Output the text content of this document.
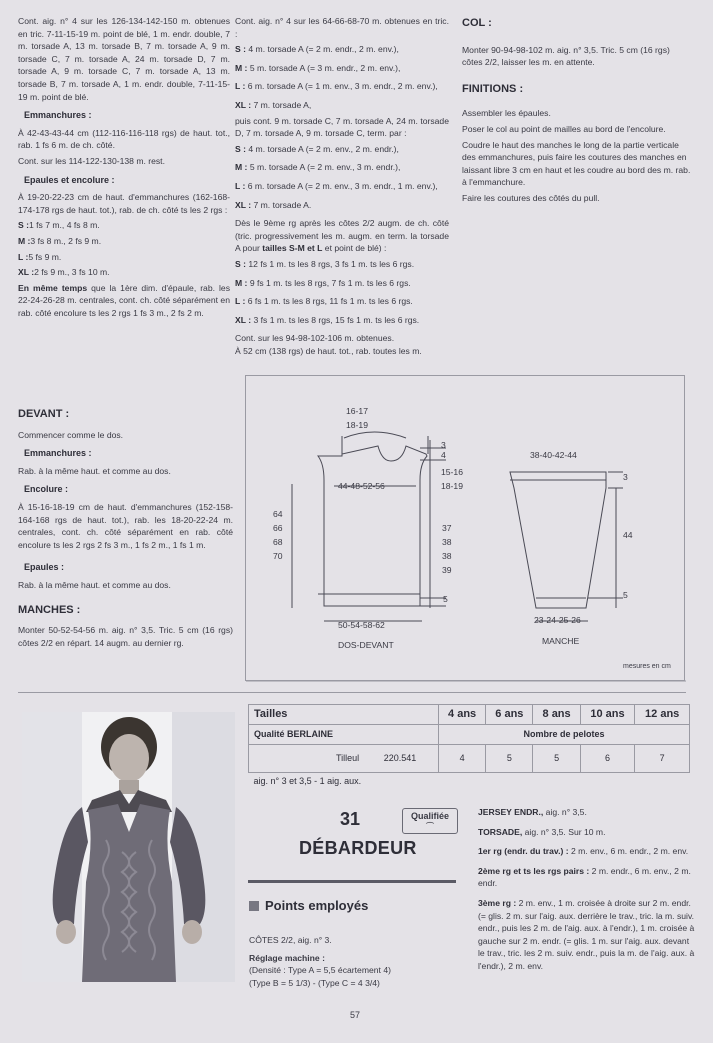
Cont. aig. n° 4 sur les 126-134-142-150 m. obtenues en tric. 7-11-15-19 m. point de blé, 1 m. endr. double, 7 m. torsade A, 13 m. torsade B, 7 m. torsade A, 9 m. torsade C, 7 m. torsade A, 24 m. torsade D, 7 m. torsade A, 9 m. torsade C, 7 m. torsade A, 13 m. torsade B, 7 m. torsade A, 1 m. endr. double, 7-11-15-19 m. point de blé.

Emmanchures :

À 42-43-43-44 cm (112-116-116-118 rgs) de haut. tot., rab. 1 fs 6 m. de ch. côté.

Cont. sur les 114-122-130-138 m. rest.

Epaules et encolure :

À 19-20-22-23 cm de haut. d'emmanchures (162-168-174-178 rgs de haut. tot.), rab. de ch. côté ts les 2 rgs :

S :1 fs 7 m., 4 fs 8 m.

M :3 fs 8 m., 2 fs 9 m.

L :5 fs 9 m.

XL :2 fs 9 m., 3 fs 10 m.

En même temps que la 1ère dim. d'épaule, rab. les 22-24-26-28 m. centrales, cont. ch. côté séparément en rab. côté encolure ts les 2 rgs 1 fs 3 m., 2 fs 2 m.

DEVANT :

Commencer comme le dos.

Emmanchures :

Rab. à la même haut. et comme au dos.

Encolure :

À 15-16-18-19 cm de haut. d'emmanchures (152-158-164-168 rgs de haut. tot.), rab. les 18-20-22-24 m. centrales, cont. ch. côté séparément en rab. côté encolure ts les 2 rgs 2 fs 3 m., 1 fs 2 m., 1 fs 1 m.

Epaules :

Rab. à la même haut. et comme au dos.

MANCHES :

Monter 50-52-54-56 m. aig. n° 3,5. Tric. 5 cm (16 rgs) côtes 2/2 en répart. 14 augm. au dernier rg.

Cont. aig. n° 4 sur les 64-66-68-70 m. obtenues en tric. :

S : 4 m. torsade A (= 2 m. endr., 2 m. env.),

M : 5 m. torsade A (= 3 m. endr., 2 m. env.),

L : 6 m. torsade A (= 1 m. env., 3 m. endr., 2 m. env.),

XL : 7 m. torsade A,

puis cont. 9 m. torsade C, 7 m. torsade A, 24 m. torsade D, 7 m. torsade A, 9 m. torsade C, term. par :

S : 4 m. torsade A (= 2 m. env., 2 m. endr.),

M : 5 m. torsade A (= 2 m. env., 3 m. endr.),

L : 6 m. torsade A (= 2 m. env., 3 m. endr., 1 m. env.),

XL : 7 m. torsade A.

Dès le 9ème rg après les côtes 2/2 augm. de ch. côté (tric. progressivement les m. augm. en term. la torsade A pour tailles S-M et L et point de blé) :

S : 12 fs 1 m. ts les 8 rgs, 3 fs 1 m. ts les 6 rgs.

M : 9 fs 1 m. ts les 8 rgs, 7 fs 1 m. ts les 6 rgs.

L : 6 fs 1 m. ts les 8 rgs, 11 fs 1 m. ts les 6 rgs.

XL : 3 fs 1 m. ts les 8 rgs, 15 fs 1 m. ts les 6 rgs.

Cont. sur les 94-98-102-106 m. obtenues.

À 52 cm (138 rgs) de haut. tot., rab. toutes les m.

COL :

Monter 90-94-98-102 m. aig. n° 3,5. Tric. 5 cm (16 rgs) côtes 2/2, laisser les m. en attente.

FINITIONS :

Assembler les épaules.

Poser le col au point de mailles au bord de l'encolure.

Coudre le haut des manches le long de la partie verticale des emmanchures, puis faire les coutures des manches en laissant libre 3 cm en haut et les coudre au bord des m. rab. à l'emmanchure.

Faire les coutures des côtés du pull.

16-17
18-19
3
4
15-16
18-19
44-48-52-56
64
66
68
70
37
38
38
39
5
50-54-58-62
DOS-DEVANT
38-40-42-44
3
44
5
23-24-25-26
MANCHE
mesures en cm
Tailles	4 ans	6 ans	8 ans	10 ans	12 ans
Qualité BERLAINE	Nombre de pelotes				
Tilleul 220.541	4	5	5	6	7
aig. n° 3 et 3,5 - 1 aig. aux.					
31	Qualifiée
⌒
DÉBARDEUR
Points employés

CÔTES 2/2, aig. n° 3.

Réglage machine :

(Densité : Type A = 5,5 écartement 4)

(Type B = 5 1/3) - (Type C = 4 3/4)

JERSEY ENDR., aig. n° 3,5.

TORSADE, aig. n° 3,5. Sur 10 m.

1er rg (endr. du trav.) : 2 m. env., 6 m. endr., 2 m. env.

2ème rg et ts les rgs pairs : 2 m. endr., 6 m. env., 2 m. endr.

3ème rg : 2 m. env., 1 m. croisée à droite sur 2 m. endr. (= glis. 2 m. sur l'aig. aux. derrière le trav., tric. la m. suiv. endr., puis les 2 m. de l'aig. aux. à l'endr.), 1 m. croisée à gauche sur 2 m. endr. (= glis. 1 m. sur l'aig. aux. devant le trav., tric. les 2 m. suiv. endr., puis la m. de l'aig. aux. à l'endr.), 2 m. env.

57
